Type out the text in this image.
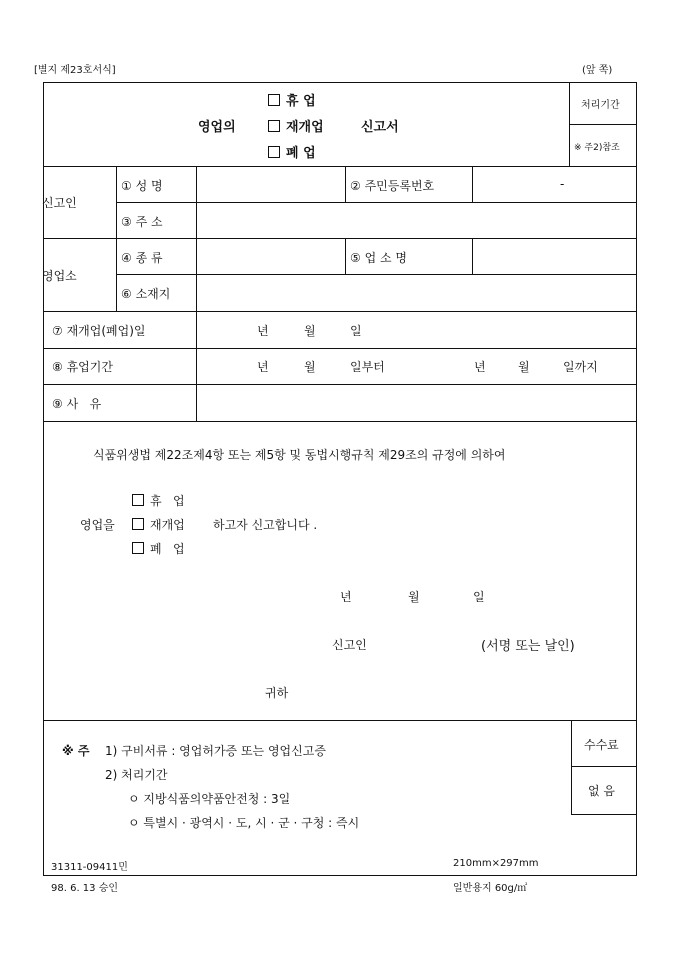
[별지 제23호서식]	(앞 쪽)
휴 업
영업의	재개업	신고서
폐 업
처리기간
※ 주2)참조
신고인
① 성 명	② 주민등록번호	-
③ 주 소
영업소
④ 종 류	⑤ 업 소 명
⑥ 소재지
⑦ 재개업(폐업)일	년	월	일
⑧ 휴업기간	년	월	일부터	년	월	일까지
⑨ 사   유
식품위생법 제22조제4항 또는 제5항 및 동법시행규칙 제29조의 규정에 의하여
휴   업
영업을	재개업 하고자 신고합니다 .
폐   업
년	월	일
신고인	(서명 또는 날인)
귀하
※ 주 1) 구비서류 : 영업허가증 또는 영업신고증
2) 처리기간
ㅇ 지방식품의약품안전청 : 3일
ㅇ 특별시 · 광역시 · 도, 시 · 군 · 구청 : 즉시
수수료
없 음
31311-09411민
98. 6. 13 승인
210mm×297mm
일반용지 60g/㎡
